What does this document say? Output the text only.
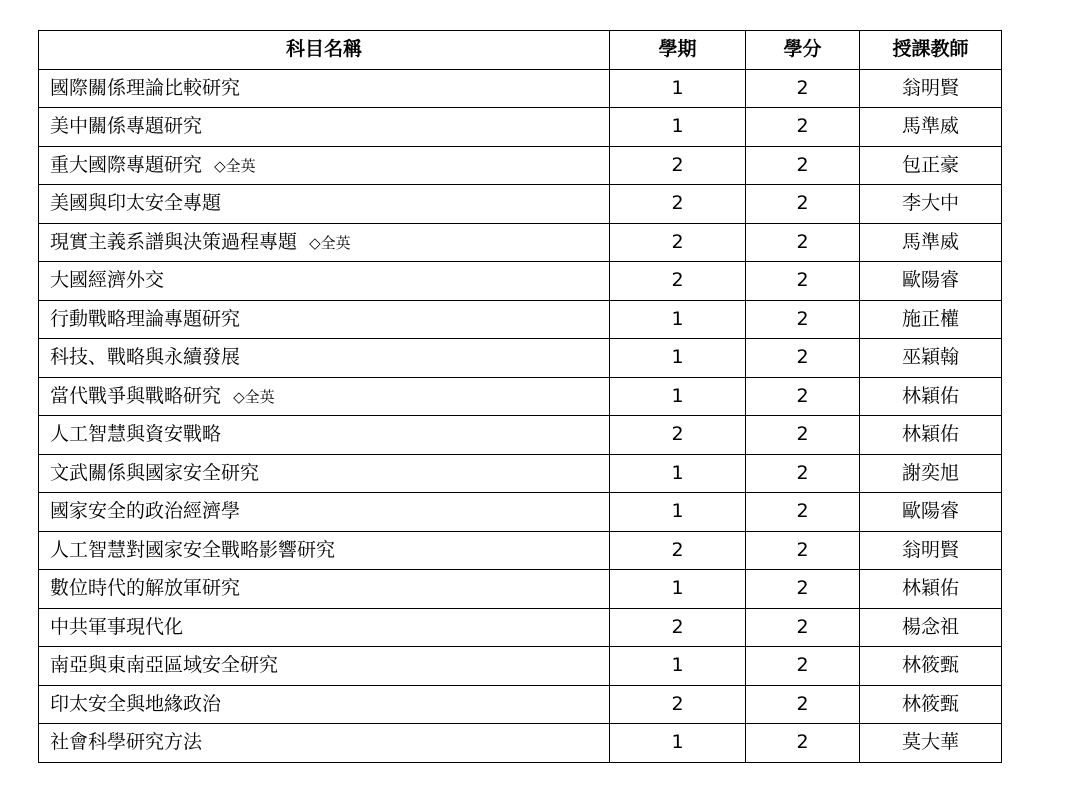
科目名稱	學期	學分	授課教師
國際關係理論比較研究	1	2	翁明賢
美中關係專題研究	1	2	馬準威
重大國際專題研究 ◇全英	2	2	包正豪
美國與印太安全專題	2	2	李大中
現實主義系譜與決策過程專題 ◇全英	2	2	馬準威
大國經濟外交	2	2	歐陽睿
行動戰略理論專題研究	1	2	施正權
科技、戰略與永續發展	1	2	巫穎翰
當代戰爭與戰略研究 ◇全英	1	2	林穎佑
人工智慧與資安戰略	2	2	林穎佑
文武關係與國家安全研究	1	2	謝奕旭
國家安全的政治經濟學	1	2	歐陽睿
人工智慧對國家安全戰略影響研究	2	2	翁明賢
數位時代的解放軍研究	1	2	林穎佑
中共軍事現代化	2	2	楊念祖
南亞與東南亞區域安全研究	1	2	林筱甄
印太安全與地緣政治	2	2	林筱甄
社會科學研究方法	1	2	莫大華
